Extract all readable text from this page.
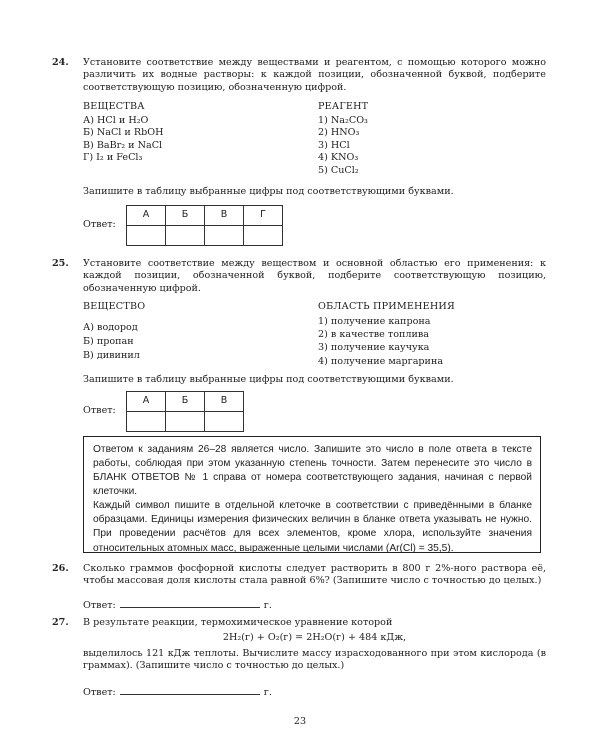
24. Установите соответствие между веществами и реагентом, с помощью которого можно различить их водные растворы: к каждой позиции, обозначенной буквой, подберите соответствующую позицию, обозначенную цифрой.
ВЕЩЕСТВА	РЕАГЕНТ
А) HCl и H₂O
Б) NaCl и RbOH
В) BaBr₂ и NaCl
Г) I₂ и FeCl₃
1) Na₂CO₃
2) HNO₃
3) HCl
4) KNO₃
5) CuCl₂
Запишите в таблицу выбранные цифры под соответствующими буквами.
Ответ:
А	Б	В	Г

25. Установите соответствие между веществом и основной областью его применения: к каждой позиции, обозначенной буквой, подберите соответствующую позицию, обозначенную цифрой.
ВЕЩЕСТВО	ОБЛАСТЬ ПРИМЕНЕНИЯ
А) водород
Б) пропан
В) дивинил
1) получение капрона
2) в качестве топлива
3) получение каучука
4) получение маргарина
Запишите в таблицу выбранные цифры под соответствующими буквами.
Ответ:
А	Б	В

Ответом к заданиям 26–28 является число. Запишите это число в поле ответа в тексте работы, соблюдая при этом указанную степень точности. Затем перенесите это число в БЛАНК ОТВЕТОВ № 1 справа от номера соответствующего задания, начиная с первой клеточки.

Каждый символ пишите в отдельной клеточке в соответствии с приведёнными в бланке образцами. Единицы измерения физических величин в бланке ответа указывать не нужно. При проведении расчётов для всех элементов, кроме хлора, используйте значения относительных атомных масс, выраженные целыми числами (Ar(Cl) = 35,5).

26. Сколько граммов фосфорной кислоты следует растворить в 800 г 2%-ного раствора её, чтобы массовая доля кислоты стала равной 6%? (Запишите число с точностью до целых.)
Ответ:	г.
27. В результате реакции, термохимическое уравнение которой
2H₂(г) + O₂(г) = 2H₂O(г) + 484 кДж,
выделилось 121 кДж теплоты. Вычислите массу израсходованного при этом кислорода (в граммах). (Запишите число с точностью до целых.)
Ответ:	г.
23
